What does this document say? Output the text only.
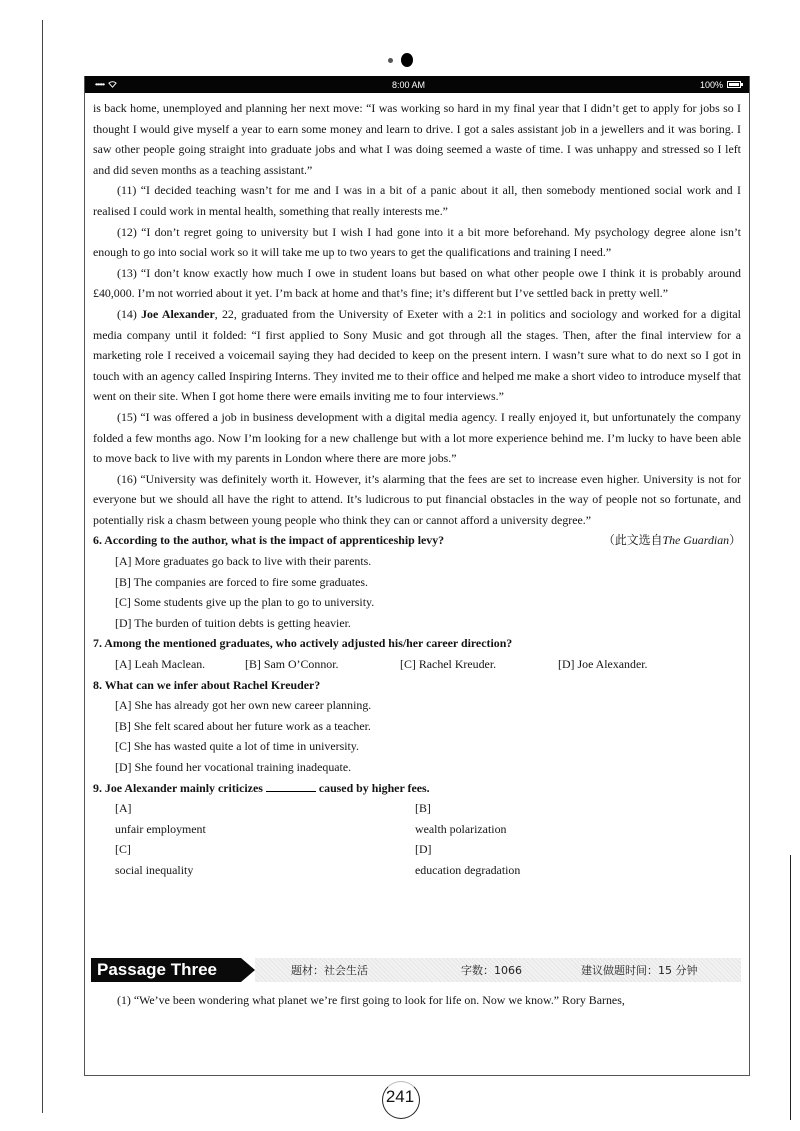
•••••	8:00 AM	100%

is back home, unemployed and planning her next move: “I was working so hard in my final year that I didn’t get to apply for jobs so I thought I would give myself a year to earn some money and learn to drive. I got a sales assistant job in a jewellers and it was boring. I saw other people going straight into graduate jobs and what I was doing seemed a waste of time. I was unhappy and stressed so I left and did seven months as a teaching assistant.”

(11) “I decided teaching wasn’t for me and I was in a bit of a panic about it all, then somebody mentioned social work and I realised I could work in mental health, something that really interests me.”

(12) “I don’t regret going to university but I wish I had gone into it a bit more beforehand. My psychology degree alone isn’t enough to go into social work so it will take me up to two years to get the qualifications and training I need.”

(13) “I don’t know exactly how much I owe in student loans but based on what other people owe I think it is probably around £40,000. I’m not worried about it yet. I’m back at home and that’s fine; it’s different but I’ve settled back in pretty well.”

(14) Joe Alexander, 22, graduated from the University of Exeter with a 2:1 in politics and sociology and worked for a digital media company until it folded: “I first applied to Sony Music and got through all the stages. Then, after the final interview for a marketing role I received a voicemail saying they had decided to keep on the present intern. I wasn’t sure what to do next so I got in touch with an agency called Inspiring Interns. They invited me to their office and helped me make a short video to introduce myself that went on their site. When I got home there were emails inviting me to four interviews.”

(15) “I was offered a job in business development with a digital media agency. I really enjoyed it, but unfortunately the company folded a few months ago. Now I’m looking for a new challenge but with a lot more experience behind me. I’m lucky to have been able to move back to live with my parents in London where there are more jobs.”

(16) “University was definitely worth it. However, it’s alarming that the fees are set to increase even higher. University is not for everyone but we should all have the right to attend. It’s ludicrous to put financial obstacles in the way of people not so fortunate, and potentially risk a chasm between young people who think they can or cannot afford a university degree.”
（此文选自The Guardian）

6. According to the author, what is the impact of apprenticeship levy?

[A] More graduates go back to live with their parents.

[B] The companies are forced to fire some graduates.

[C] Some students give up the plan to go to university.

[D] The burden of tuition debts is getting heavier.

7. Among the mentioned graduates, who actively adjusted his/her career direction?

[A] Leah Maclean.	[B] Sam O’Connor.	[C] Rachel Kreuder.	[D] Joe Alexander.

8. What can we infer about Rachel Kreuder?

[A] She has already got her own new career planning.

[B] She felt scared about her future work as a teacher.

[C] She has wasted quite a lot of time in university.

[D] She found her vocational training inadequate.

9. Joe Alexander mainly criticizes	caused by higher fees.

[A] unfair employment
[B] wealth polarization
[C] social inequality
[D] education degradation
Passage Three	题材：社会生活	字数：1066	建议做题时间：15 分钟

(1) “We’ve been wondering what planet we’re first going to look for life on. Now we know.” Rory Barnes,

241
